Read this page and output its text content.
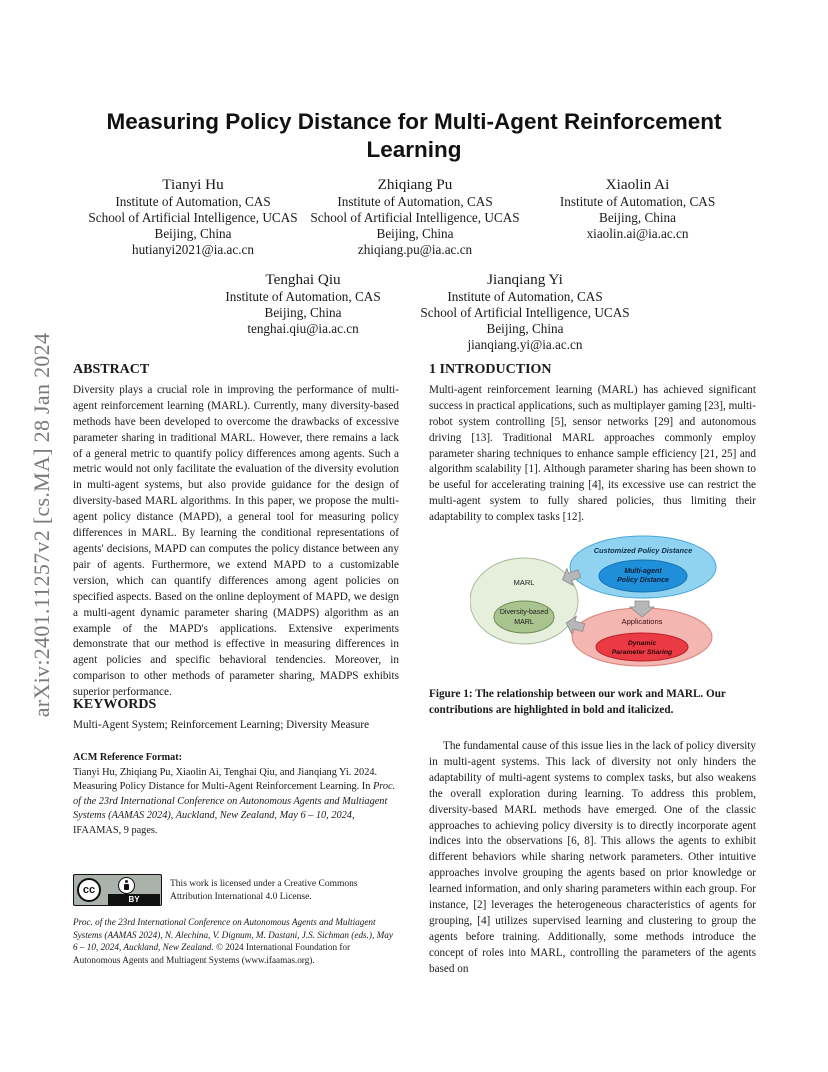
arXiv:2401.11257v2 [cs.MA] 28 Jan 2024
Measuring Policy Distance for Multi-Agent Reinforcement
Learning
Tianyi Hu
Institute of Automation, CAS
School of Artificial Intelligence, UCAS
Beijing, China
hutianyi2021@ia.ac.cn
Zhiqiang Pu
Institute of Automation, CAS
School of Artificial Intelligence, UCAS
Beijing, China
zhiqiang.pu@ia.ac.cn
Xiaolin Ai
Institute of Automation, CAS
Beijing, China
xiaolin.ai@ia.ac.cn
Tenghai Qiu
Institute of Automation, CAS
Beijing, China
tenghai.qiu@ia.ac.cn
Jianqiang Yi
Institute of Automation, CAS
School of Artificial Intelligence, UCAS
Beijing, China
jianqiang.yi@ia.ac.cn
ABSTRACT

Diversity plays a crucial role in improving the performance of multi-agent reinforcement learning (MARL). Currently, many diversity-based methods have been developed to overcome the drawbacks of excessive parameter sharing in traditional MARL. However, there remains a lack of a general metric to quantify policy differences among agents. Such a metric would not only facilitate the evaluation of the diversity evolution in multi-agent systems, but also provide guidance for the design of diversity-based MARL algorithms. In this paper, we propose the multi-agent policy distance (MAPD), a general tool for measuring policy differences in MARL. By learning the conditional representations of agents' decisions, MAPD can computes the policy distance between any pair of agents. Furthermore, we extend MAPD to a customizable version, which can quantify differences among agent policies on specified aspects. Based on the online deployment of MAPD, we design a multi-agent dynamic parameter sharing (MADPS) algorithm as an example of the MAPD's applications. Extensive experiments demonstrate that our method is effective in measuring differences in agent policies and specific behavioral tendencies. Moreover, in comparison to other methods of parameter sharing, MADPS exhibits superior performance.

KEYWORDS

Multi-Agent System; Reinforcement Learning; Diversity Measure

ACM Reference Format:

Tianyi Hu, Zhiqiang Pu, Xiaolin Ai, Tenghai Qiu, and Jianqiang Yi. 2024. Measuring Policy Distance for Multi-Agent Reinforcement Learning. In Proc. of the 23rd International Conference on Autonomous Agents and Multiagent Systems (AAMAS 2024), Auckland, New Zealand, May 6 – 10, 2024, IFAAMAS, 9 pages.

cc
BY
This work is licensed under a Creative Commons Attribution International 4.0 License.
Proc. of the 23rd International Conference on Autonomous Agents and Multiagent Systems (AAMAS 2024), N. Alechina, V. Dignum, M. Dastani, J.S. Sichman (eds.), May 6 – 10, 2024, Auckland, New Zealand. © 2024 International Foundation for Autonomous Agents and Multiagent Systems (www.ifaamas.org).
1 INTRODUCTION

Multi-agent reinforcement learning (MARL) has achieved significant success in practical applications, such as multiplayer gaming [23], multi-robot system controlling [5], sensor networks [29] and autonomous driving [13]. Traditional MARL approaches commonly employ parameter sharing techniques to enhance sample efficiency [21, 25] and algorithm scalability [1]. Although parameter sharing has been shown to be useful for accelerating training [4], its excessive use can restrict the multi-agent system to fully shared policies, thus limiting their adaptability to complex tasks [12].

Customized Policy Distance
Multi-agent
Policy Distance
MARL
Diversity-based
MARL	Applications
Dynamic
Parameter Sharing
Figure 1: The relationship between our work and MARL. Our contributions are highlighted in bold and italicized.

The fundamental cause of this issue lies in the lack of policy diversity in multi-agent systems. This lack of diversity not only hinders the adaptability of multi-agent systems to complex tasks, but also weakens the overall exploration during learning. To address this problem, diversity-based MARL methods have emerged. One of the classic approaches to achieving policy diversity is to directly incorporate agent indices into the observations [6, 8]. This allows the agents to exhibit different behaviors while sharing network parameters. Other intuitive approaches involve grouping the agents based on prior knowledge or learned information, and only sharing parameters within each group. For instance, [2] leverages the heterogeneous characteristics of agents for grouping, [4] utilizes supervised learning and clustering to group the agents before training. Additionally, some methods introduce the concept of roles into MARL, controlling the parameters of the agents based on
